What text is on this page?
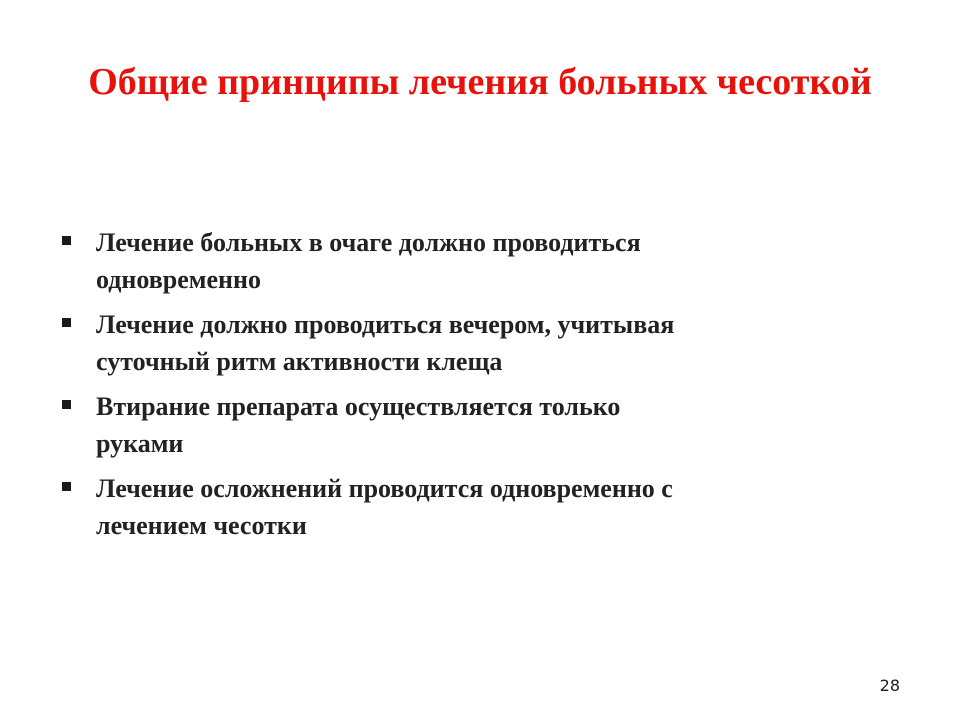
Общие принципы лечения больных чесоткой
Лечение больных в очаге должно проводиться одновременно
Лечение должно проводиться вечером, учитывая суточный ритм активности клеща
Втирание препарата осуществляется только руками
Лечение осложнений проводится одновременно с лечением чесотки
28
